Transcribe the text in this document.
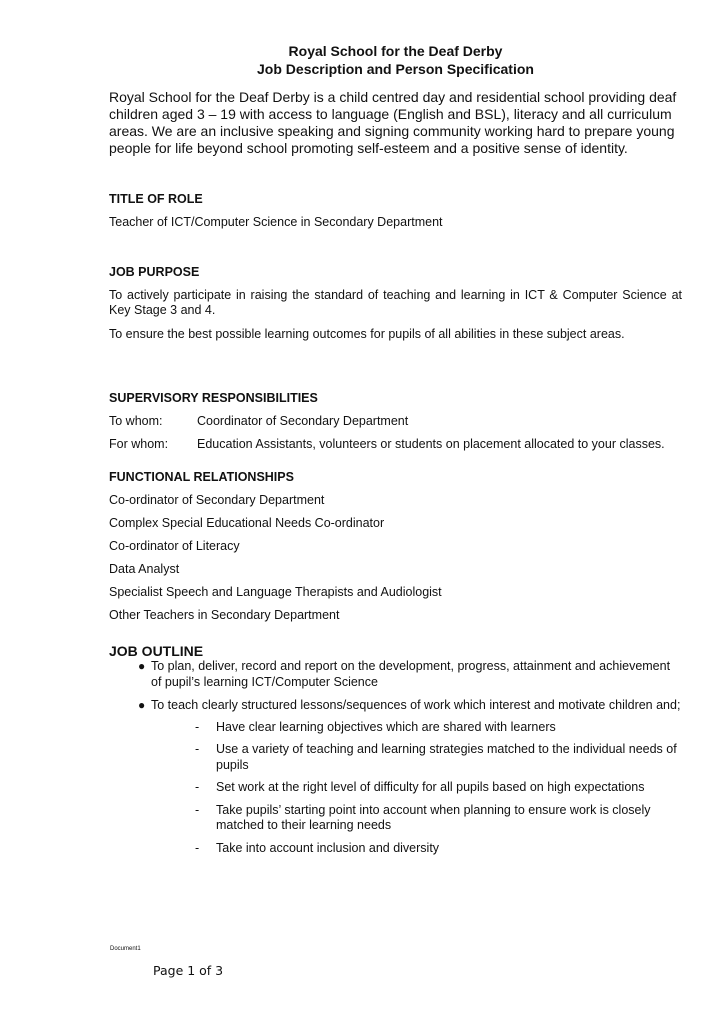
Royal School for the Deaf Derby

Job Description and Person Specification

Royal School for the Deaf Derby is a child centred day and residential school providing deaf children aged 3 – 19 with access to language (English and BSL), literacy and all curriculum areas. We are an inclusive speaking and signing community working hard to prepare young people for life beyond school promoting self-esteem and a positive sense of identity.

TITLE OF ROLE

Teacher of ICT/Computer Science in Secondary Department

JOB PURPOSE

To actively participate in raising the standard of teaching and learning in ICT & Computer Science at Key Stage 3 and 4.

To ensure the best possible learning outcomes for pupils of all abilities in these subject areas.

SUPERVISORY RESPONSIBILITIES
To whom:	Coordinator of Secondary Department
For whom:	Education Assistants, volunteers or students on placement allocated to your classes.
FUNCTIONAL RELATIONSHIPS

Co-ordinator of Secondary Department

Complex Special Educational Needs Co-ordinator

Co-ordinator of Literacy

Data Analyst

Specialist Speech and Language Therapists and Audiologist

Other Teachers in Secondary Department

JOB OUTLINE
● To plan, deliver, record and report on the development, progress, attainment and achievement of pupil’s learning ICT/Computer Science
● To teach clearly structured lessons/sequences of work which interest and motivate children and;
- Have clear learning objectives which are shared with learners
- Use a variety of teaching and learning strategies matched to the individual needs of pupils
- Set work at the right level of difficulty for all pupils based on high expectations
- Take pupils’ starting point into account when planning to ensure work is closely matched to their learning needs
- Take into account inclusion and diversity
Document1
Page 1 of 3
